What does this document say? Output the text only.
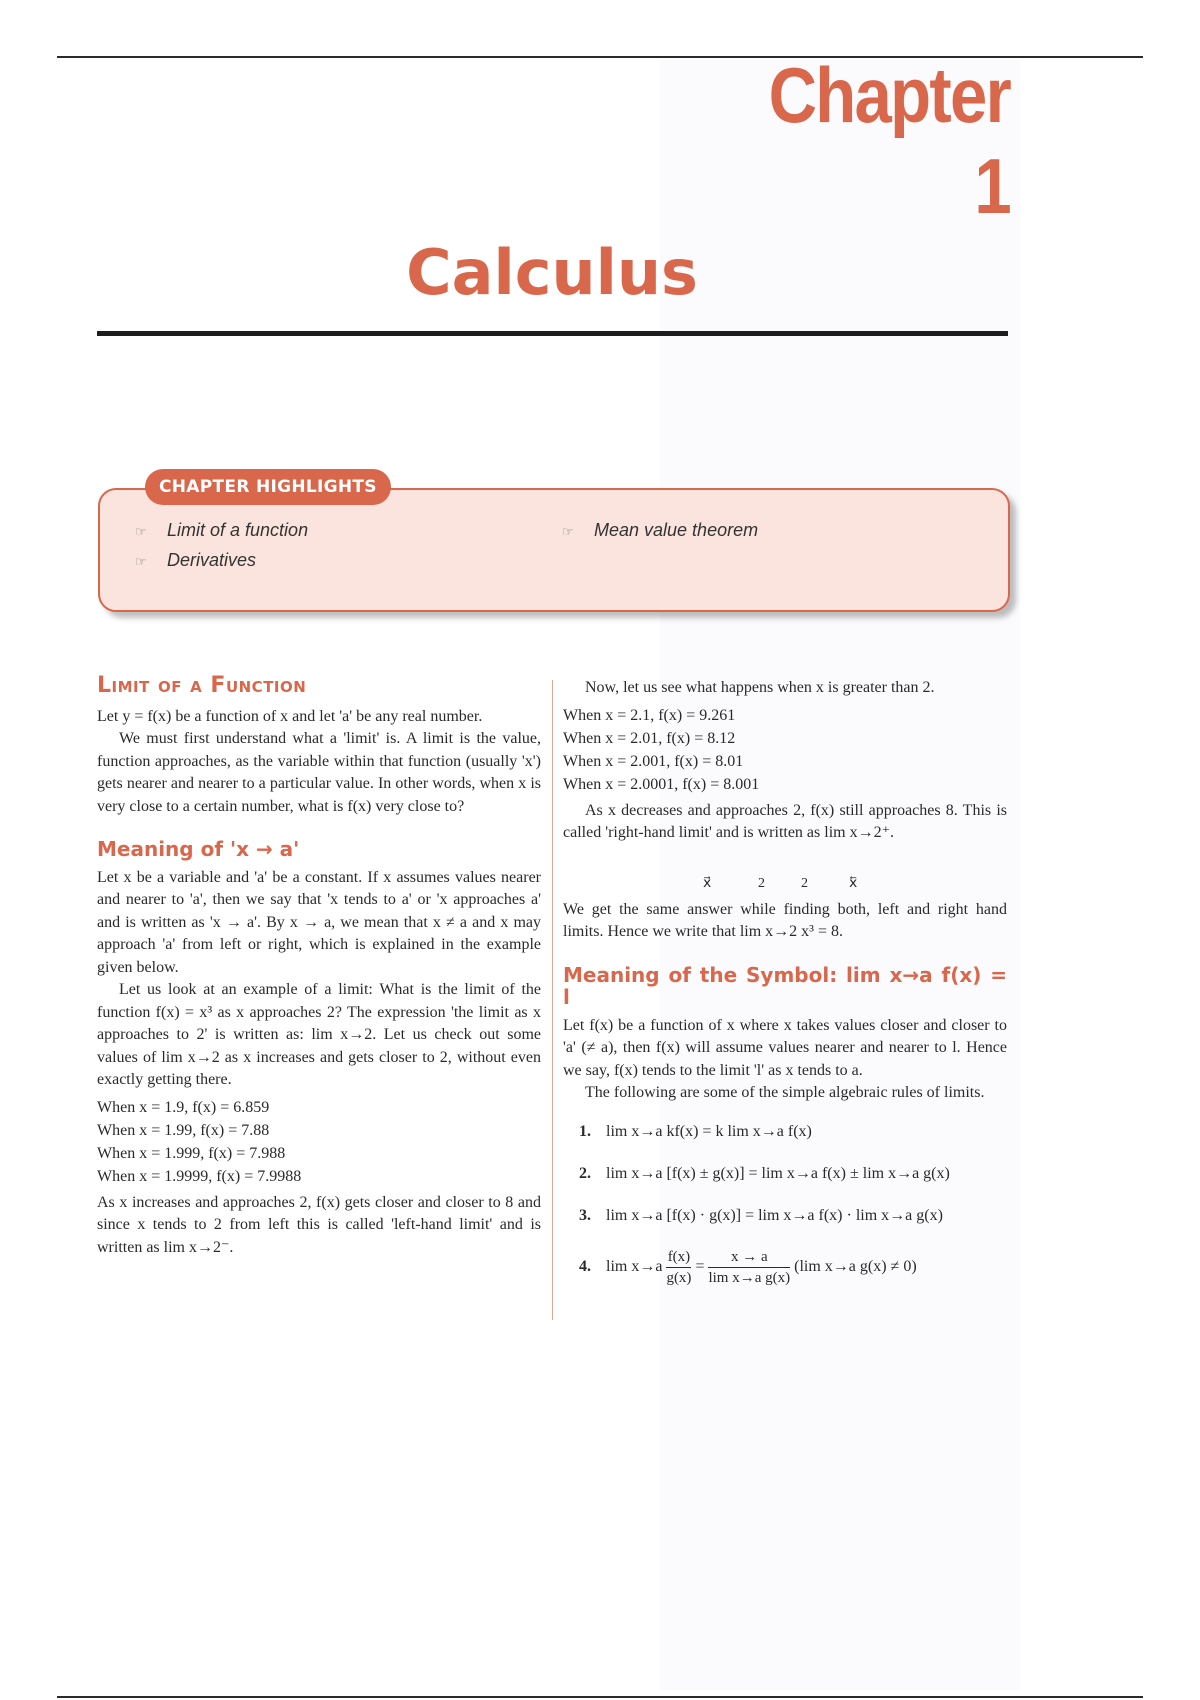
Chapter 1
Calculus
CHAPTER HIGHLIGHTS
☞ Limit of a function
☞ Derivatives
☞ Mean value theorem
Limit of a Function

Let y = f(x) be a function of x and let 'a' be any real number.

We must first understand what a 'limit' is. A limit is the value, function approaches, as the variable within that function (usually 'x') gets nearer and nearer to a particular value. In other words, when x is very close to a certain number, what is f(x) very close to?

Meaning of 'x → a'

Let x be a variable and 'a' be a constant. If x assumes values nearer and nearer to 'a', then we say that 'x tends to a' or 'x approaches a' and is written as 'x → a'. By x → a, we mean that x ≠ a and x may approach 'a' from left or right, which is explained in the example given below.

Let us look at an example of a limit: What is the limit of the function f(x) = x³ as x approaches 2? The expression 'the limit as x approaches to 2' is written as: lim x→2. Let us check out some values of lim x→2 as x increases and gets closer to 2, without even exactly getting there.

When x = 1.9, f(x) = 6.859
When x = 1.99, f(x) = 7.88
When x = 1.999, f(x) = 7.988
When x = 1.9999, f(x) = 7.9988

As x increases and approaches 2, f(x) gets closer and closer to 8 and since x tends to 2 from left this is called 'left-hand limit' and is written as lim x→2⁻.

Now, let us see what happens when x is greater than 2.

When x = 2.1, f(x) = 9.261
When x = 2.01, f(x) = 8.12
When x = 2.001, f(x) = 8.01
When x = 2.0001, f(x) = 8.001

As x decreases and approaches 2, f(x) still approaches 8. This is called 'right-hand limit' and is written as lim x→2⁺.

x⃗	2	2	x⃖

We get the same answer while finding both, left and right hand limits. Hence we write that lim x→2 x³ = 8.

Meaning of the Symbol: lim x→a f(x) = l

Let f(x) be a function of x where x takes values closer and closer to 'a' (≠ a), then f(x) will assume values nearer and nearer to l. Hence we say, f(x) tends to the limit 'l' as x tends to a.

The following are some of the simple algebraic rules of limits.

1. lim x→a kf(x) = k lim x→a f(x)
2. lim x→a [f(x) ± g(x)] = lim x→a f(x) ± lim x→a g(x)
3. lim x→a [f(x) · g(x)] = lim x→a f(x) · lim x→a g(x)
4. $\lim x\to a \frac{f(x)}{g(x)} = \frac{x \to a}{\text{lim x→a g(x)}} (\lim$ x→a g(x) ≠ 0)
